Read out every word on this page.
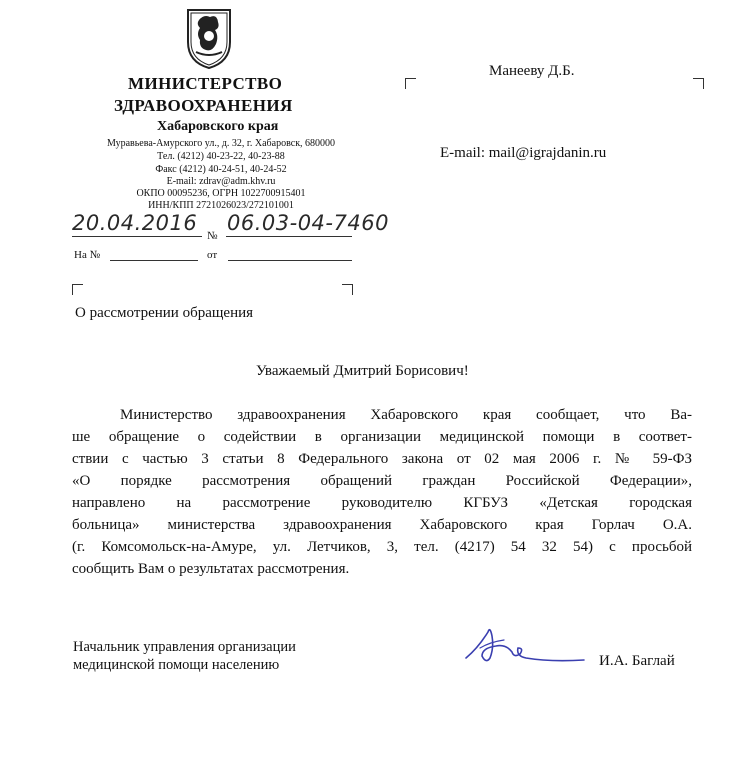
МИНИСТЕРСТВО
ЗДРАВООХРАНЕНИЯ
Хабаровского края
Муравьева-Амурского ул., д. 32, г. Хабаровск, 680000
Тел. (4212) 40-23-22, 40-23-88
Факс (4212) 40-24-51, 40-24-52
E-mail: zdrav@adm.khv.ru
ОКПО 00095236, ОГРН 1022700915401
ИНН/КПП 2721026023/272101001
20.04.2016
№
06.03-04-7460
На №	от
Манееву Д.Б.
E-mail: mail@igrajdanin.ru
О рассмотрении обращения
Уважаемый Дмитрий Борисович!
Министерство здравоохранения Хабаровского края сообщает, что Ва-
ше обращение о содействии в организации медицинской помощи в соответ-
ствии с частью 3 статьи 8 Федерального закона от 02 мая 2006 г. № 59-ФЗ
«О порядке рассмотрения обращений граждан Российской Федерации»,
направлено на рассмотрение руководителю КГБУЗ «Детская городская
больница» министерства здравоохранения Хабаровского края Горлач О.А.
(г. Комсомольск-на-Амуре, ул. Летчиков, 3, тел. (4217) 54 32 54) с просьбой
сообщить Вам о результатах рассмотрения.
Начальник управления организации
медицинской помощи населению	И.А. Баглай
